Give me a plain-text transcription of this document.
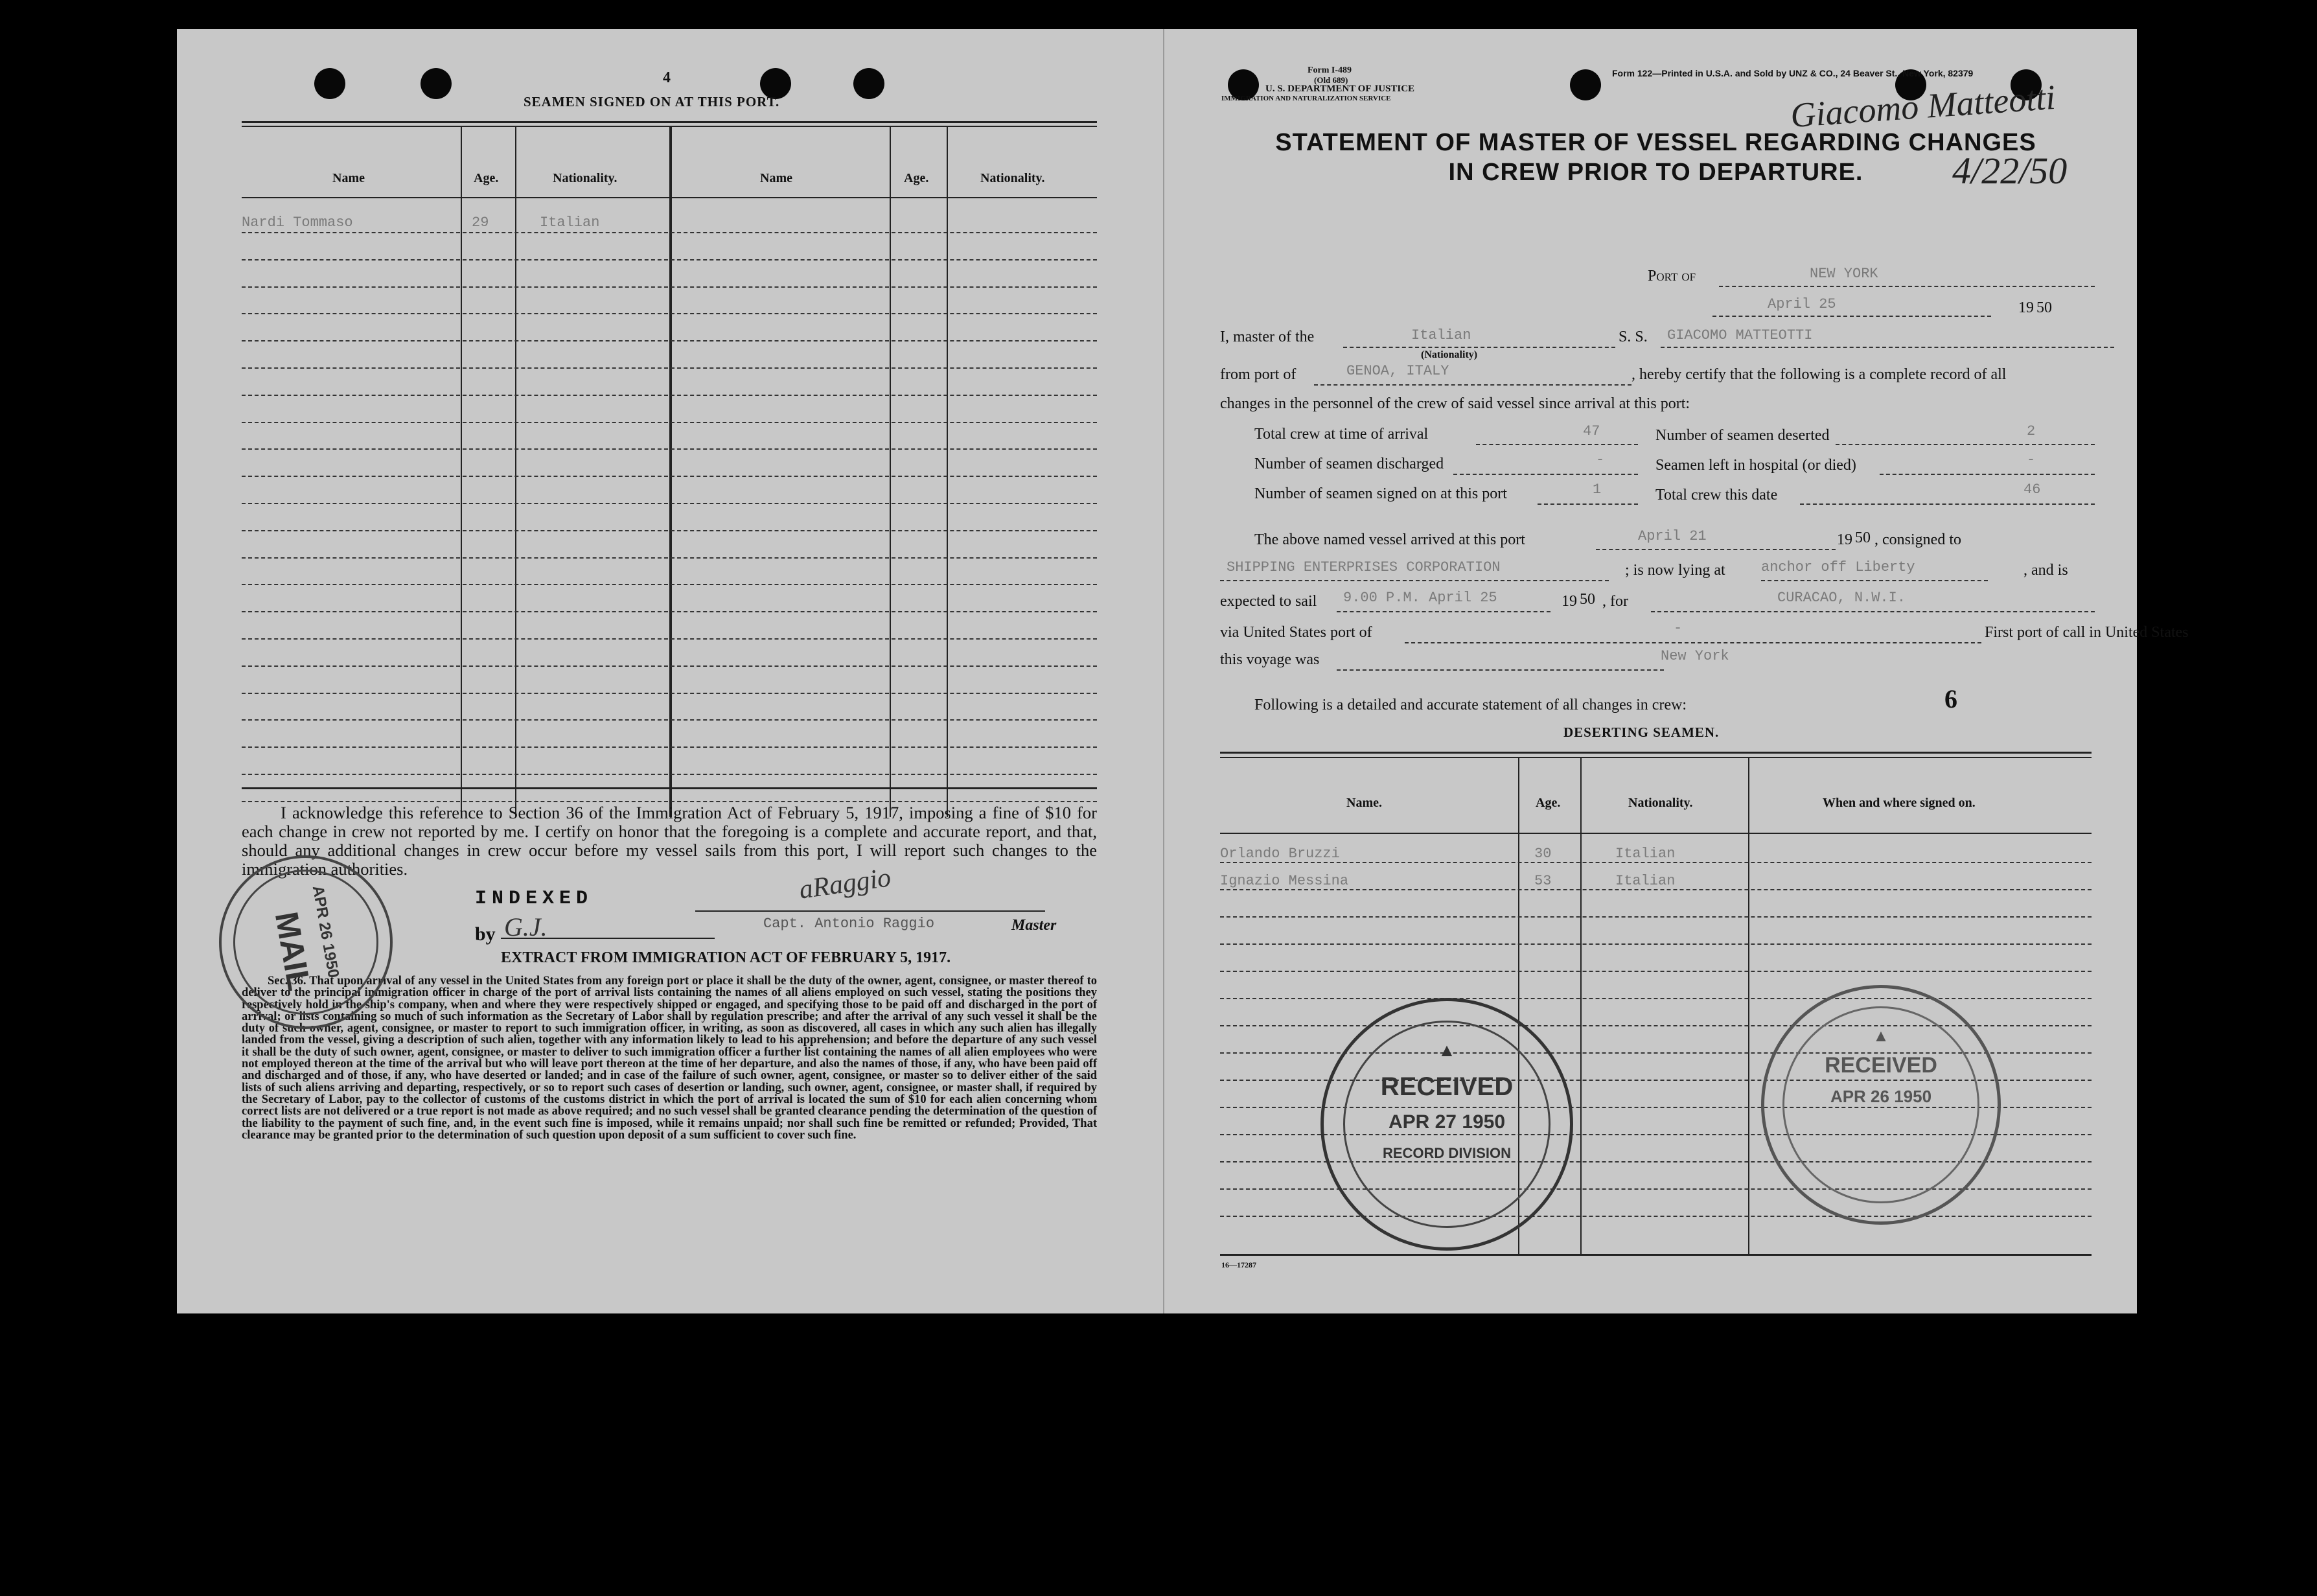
4
SEAMEN SIGNED ON AT THIS PORT.
Name	Age.	Nationality.	Name	Age.	Nationality.
Nardi Tommaso	29	Italian
I acknowledge this reference to Section 36 of the Immigration Act of February 5, 1917, imposing a fine of $10 for each change in crew not reported by me. I certify on honor that the foregoing is a complete and accurate report, and that, should any additional changes in crew occur before my vessel sails from this port, I will report such changes to the immigration authorities.
INDEXED
by G.J.
aRaggio
Capt. Antonio Raggio	Master
EXTRACT FROM IMMIGRATION ACT OF FEBRUARY 5, 1917.
Sec. 36. That upon arrival of any vessel in the United States from any foreign port or place it shall be the duty of the owner, agent, consignee, or master thereof to deliver to the principal immigration officer in charge of the port of arrival lists containing the names of all aliens employed on such vessel, stating the positions they respectively hold in the ship's company, when and where they were respectively shipped or engaged, and specifying those to be paid off and discharged in the port of arrival; or lists containing so much of such information as the Secretary of Labor shall by regulation prescribe; and after the arrival of any such vessel it shall be the duty of such owner, agent, consignee, or master to report to such immigration officer, in writing, as soon as discovered, all cases in which any such alien has illegally landed from the vessel, giving a description of such alien, together with any information likely to lead to his apprehension; and before the departure of any such vessel it shall be the duty of such owner, agent, consignee, or master to deliver to such immigration officer a further list containing the names of all alien employees who were not employed thereon at the time of the arrival but who will leave port thereon at the time of her departure, and also the names of those, if any, who have been paid off and discharged and of those, if any, who have deserted or landed; and in case of the failure of such owner, agent, consignee, or master so to deliver either of the said lists of such aliens arriving and departing, respectively, or so to report such cases of desertion or landing, such owner, agent, consignee, or master shall, if required by the Secretary of Labor, pay to the collector of customs of the customs district in which the port of arrival is located the sum of $10 for each alien concerning whom correct lists are not delivered or a true report is not made as above required; and no such vessel shall be granted clearance pending the determination of the question of the liability to the payment of such fine, and, in the event such fine is imposed, while it remains unpaid; nor shall such fine be remitted or refunded; Provided, That clearance may be granted prior to the determination of such question upon deposit of a sum sufficient to cover such fine.
MAIL
APR 26 1950
Form I-489
(Old 689)
U. S. DEPARTMENT OF JUSTICE
IMMIGRATION AND NATURALIZATION SERVICE
Form 122—Printed in U.S.A. and Sold by UNZ & CO., 24 Beaver St., New York, 82379
Giacomo Matteotti
4/22/50
STATEMENT OF MASTER OF VESSEL REGARDING CHANGES
IN CREW PRIOR TO DEPARTURE.
Port of	NEW YORK
April 25	19 50
I, master of the	Italian
(Nationality)
S. S. GIACOMO MATTEOTTI
from port of	GENOA, ITALY	, hereby certify that the following is a complete record of all
changes in the personnel of the crew of said vessel since arrival at this port:
Total crew at time of arrival	47	Number of seamen deserted	2
Number of seamen discharged	-	Seamen left in hospital (or died)	-
Number of seamen signed on at this port	1	Total crew this date	46
The above named vessel arrived at this port	April 21	19 50 , consigned to
SHIPPING ENTERPRISES CORPORATION	; is now lying at	anchor off Liberty	, and is
expected to sail 9.00 P.M. April 25	19 50 , for	CURACAO, N.W.I.
via United States port of	-	First port of call in United States
this voyage was	New York
Following is a detailed and accurate statement of all changes in crew:	6
DESERTING SEAMEN.
Name.	Age.	Nationality.	When and where signed on.
Orlando Bruzzi	30	Italian
Ignazio Messina	53	Italian
16—17287
▲
RECEIVED
APR 27 1950
RECORD DIVISION
▲
RECEIVED
APR 26 1950
